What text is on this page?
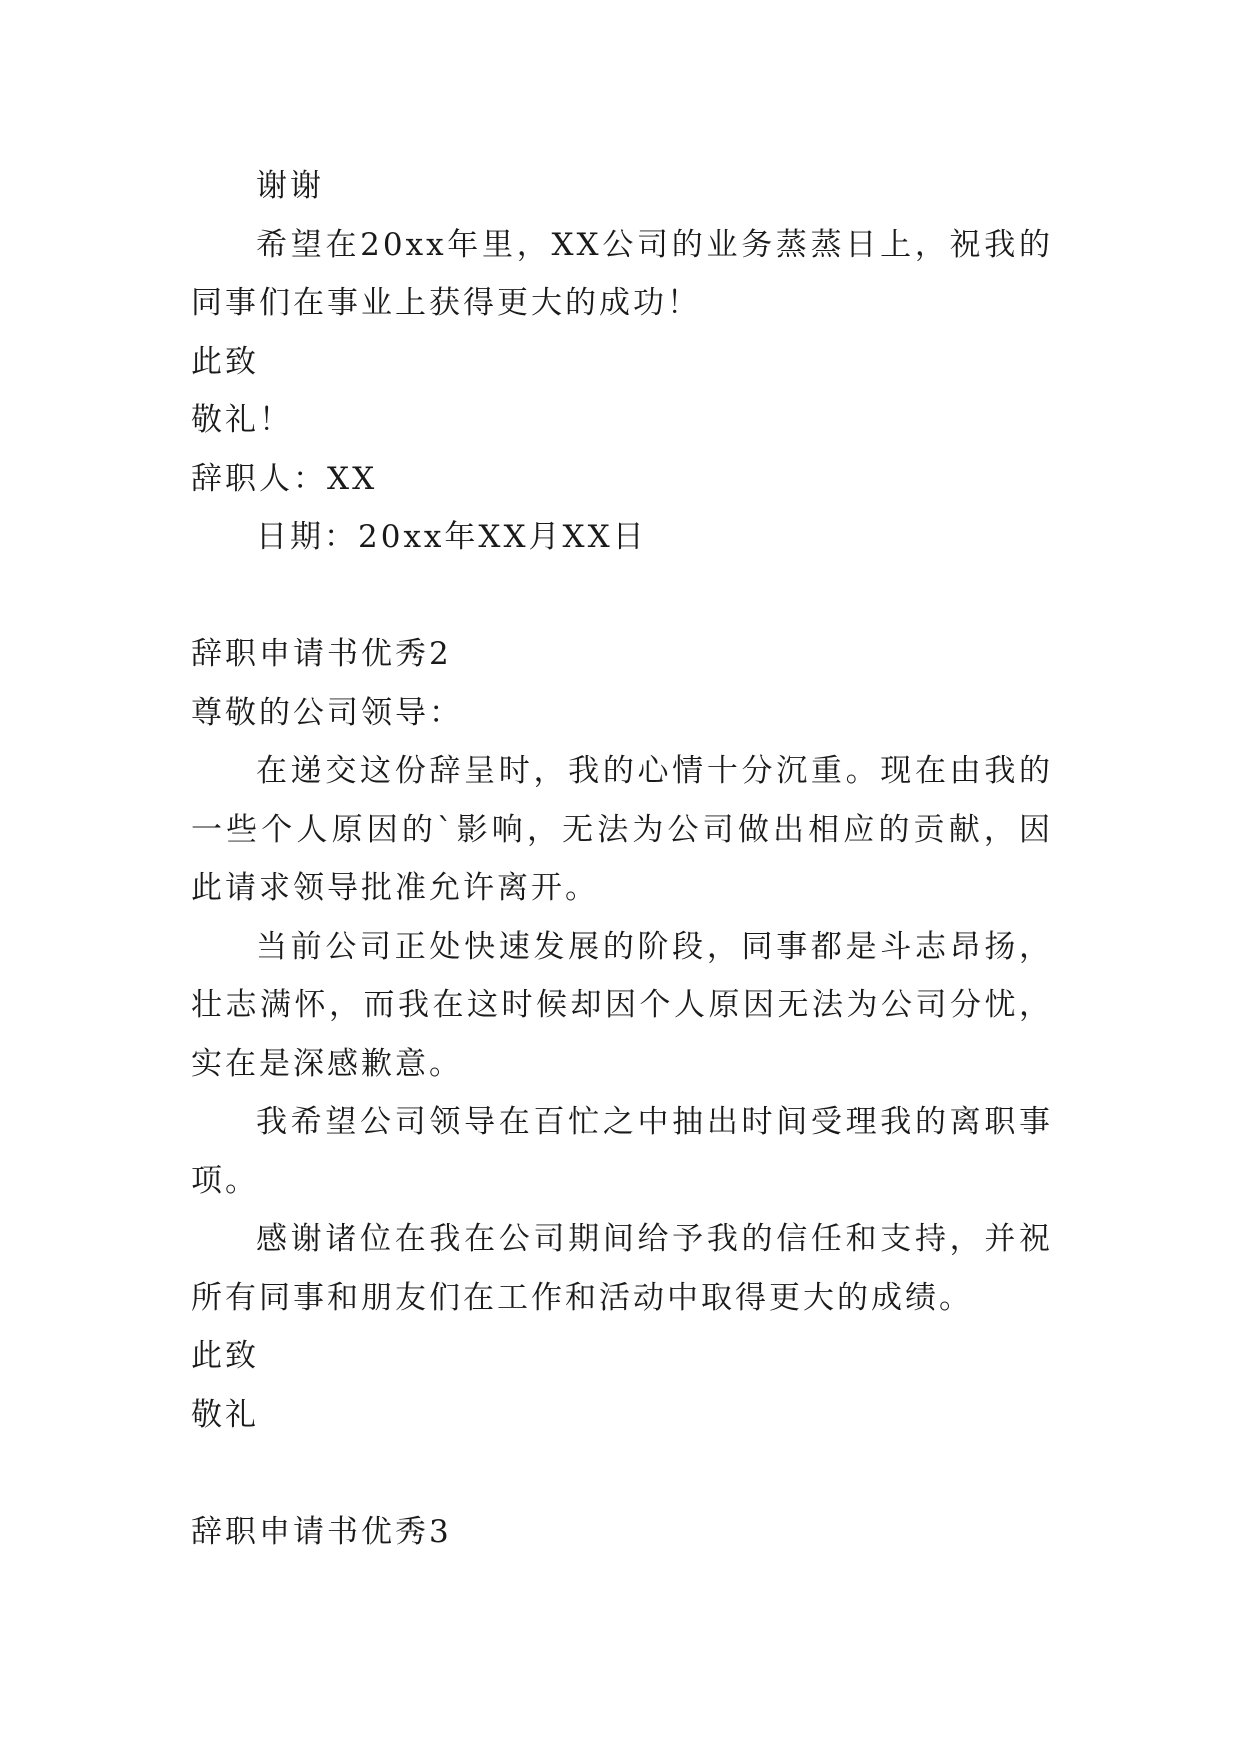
谢谢

希望在20xx年里，XX公司的业务蒸蒸日上，祝我的同事们在事业上获得更大的成功！

此致

敬礼！

辞职人：XX

日期：20xx年XX月XX日

辞职申请书优秀2

尊敬的公司领导：

在递交这份辞呈时，我的心情十分沉重。现在由我的一些个人原因的`影响，无法为公司做出相应的贡献，因此请求领导批准允许离开。

当前公司正处快速发展的阶段，同事都是斗志昂扬，壮志满怀，而我在这时候却因个人原因无法为公司分忧，实在是深感歉意。

我希望公司领导在百忙之中抽出时间受理我的离职事项。

感谢诸位在我在公司期间给予我的信任和支持，并祝所有同事和朋友们在工作和活动中取得更大的成绩。

此致

敬礼

辞职申请书优秀3
